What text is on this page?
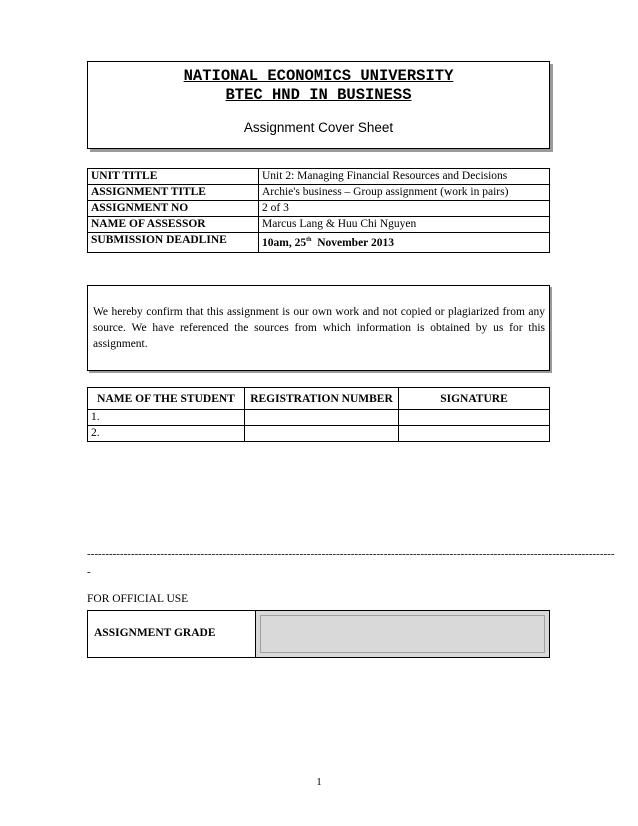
NATIONAL ECONOMICS UNIVERSITY
BTEC HND IN BUSINESS
Assignment Cover Sheet
UNIT TITLE	Unit 2: Managing Financial Resources and Decisions
ASSIGNMENT TITLE	Archie's business – Group assignment (work in pairs)
ASSIGNMENT NO	2 of 3
NAME OF ASSESSOR	Marcus Lang & Huu Chi Nguyen
SUBMISSION DEADLINE	10am, 25th  November 2013

We hereby confirm that this assignment is our own work and not copied or plagiarized from any source. We have referenced the sources from which information is obtained by us for this assignment.

NAME OF THE STUDENT	REGISTRATION NUMBER	SIGNATURE
1.		
2.		
------------------------------------------------------------------------------------------------------------------------------------------------
-
FOR OFFICIAL USE
ASSIGNMENT GRADE
1
